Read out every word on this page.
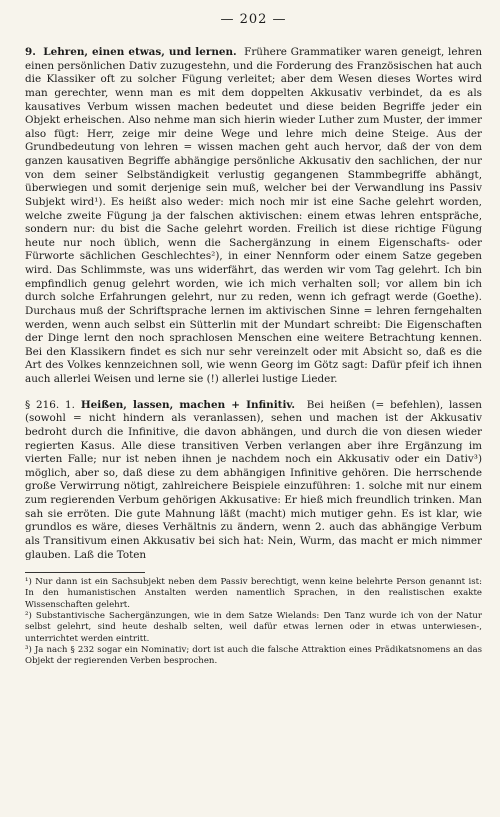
— 202 —

9. Lehren, einen etwas, und lernen. Frühere Grammatiker waren geneigt, lehren einen persönlichen Dativ zuzugestehn, und die Forderung des Französischen hat auch die Klassiker oft zu solcher Fügung verleitet; aber dem Wesen dieses Wortes wird man gerechter, wenn man es mit dem doppelten Akkusativ verbindet, da es als kausatives Verbum wissen machen bedeutet und diese beiden Begriffe jeder ein Objekt erheischen. Also nehme man sich hierin wieder Luther zum Muster, der immer also fügt: Herr, zeige mir deine Wege und lehre mich deine Steige. Aus der Grundbedeutung von lehren = wissen machen geht auch hervor, daß der von dem ganzen kausativen Begriffe abhängige persönliche Akkusativ den sachlichen, der nur von dem seiner Selbständigkeit verlustig gegangenen Stammbegriffe abhängt, überwiegen und somit derjenige sein muß, welcher bei der Verwandlung ins Passiv Subjekt wird¹). Es heißt also weder: mich noch mir ist eine Sache gelehrt worden, welche zweite Fügung ja der falschen aktivischen: einem etwas lehren entspräche, sondern nur: du bist die Sache gelehrt worden. Freilich ist diese richtige Fügung heute nur noch üblich, wenn die Sachergänzung in einem Eigenschafts- oder Fürworte sächlichen Geschlechtes²), in einer Nennform oder einem Satze gegeben wird. Das Schlimmste, was uns widerfährt, das werden wir vom Tag gelehrt. Ich bin empfindlich genug gelehrt worden, wie ich mich verhalten soll; vor allem bin ich durch solche Erfahrungen gelehrt, nur zu reden, wenn ich gefragt werde (Goethe). Durchaus muß der Schriftsprache lernen im aktivischen Sinne = lehren ferngehalten werden, wenn auch selbst ein Sütterlin mit der Mundart schreibt: Die Eigenschaften der Dinge lernt den noch sprachlosen Menschen eine weitere Betrachtung kennen. Bei den Klassikern findet es sich nur sehr vereinzelt oder mit Absicht so, daß es die Art des Volkes kennzeichnen soll, wie wenn Georg im Götz sagt: Dafür pfeif ich ihnen auch allerlei Weisen und lerne sie (!) allerlei lustige Lieder.

§ 216. 1. Heißen, lassen, machen + Infinitiv. Bei heißen (= befehlen), lassen (sowohl = nicht hindern als veranlassen), sehen und machen ist der Akkusativ bedroht durch die Infinitive, die davon abhängen, und durch die von diesen wieder regierten Kasus. Alle diese transitiven Verben verlangen aber ihre Ergänzung im vierten Falle; nur ist neben ihnen je nachdem noch ein Akkusativ oder ein Dativ³) möglich, aber so, daß diese zu dem abhängigen Infinitive gehören. Die herrschende große Verwirrung nötigt, zahlreichere Beispiele einzuführen: 1. solche mit nur einem zum regierenden Verbum gehörigen Akkusative: Er hieß mich freundlich trinken. Man sah sie erröten. Die gute Mahnung läßt (macht) mich mutiger gehn. Es ist klar, wie grundlos es wäre, dieses Verhältnis zu ändern, wenn 2. auch das abhängige Verbum als Transitivum einen Akkusativ bei sich hat: Nein, Wurm, das macht er mich nimmer glauben. Laß die Toten

¹) Nur dann ist ein Sachsubjekt neben dem Passiv berechtigt, wenn keine belehrte Person genannt ist: In den humanistischen Anstalten werden namentlich Sprachen, in den realistischen exakte Wissenschaften gelehrt.

²) Substantivische Sachergänzungen, wie in dem Satze Wielands: Den Tanz wurde ich von der Natur selbst gelehrt, sind heute deshalb selten, weil dafür etwas lernen oder in etwas unterwiesen-, unterrichtet werden eintritt.

³) Ja nach § 232 sogar ein Nominativ; dort ist auch die falsche Attraktion eines Prädikatsnomens an das Objekt der regierenden Verben besprochen.
